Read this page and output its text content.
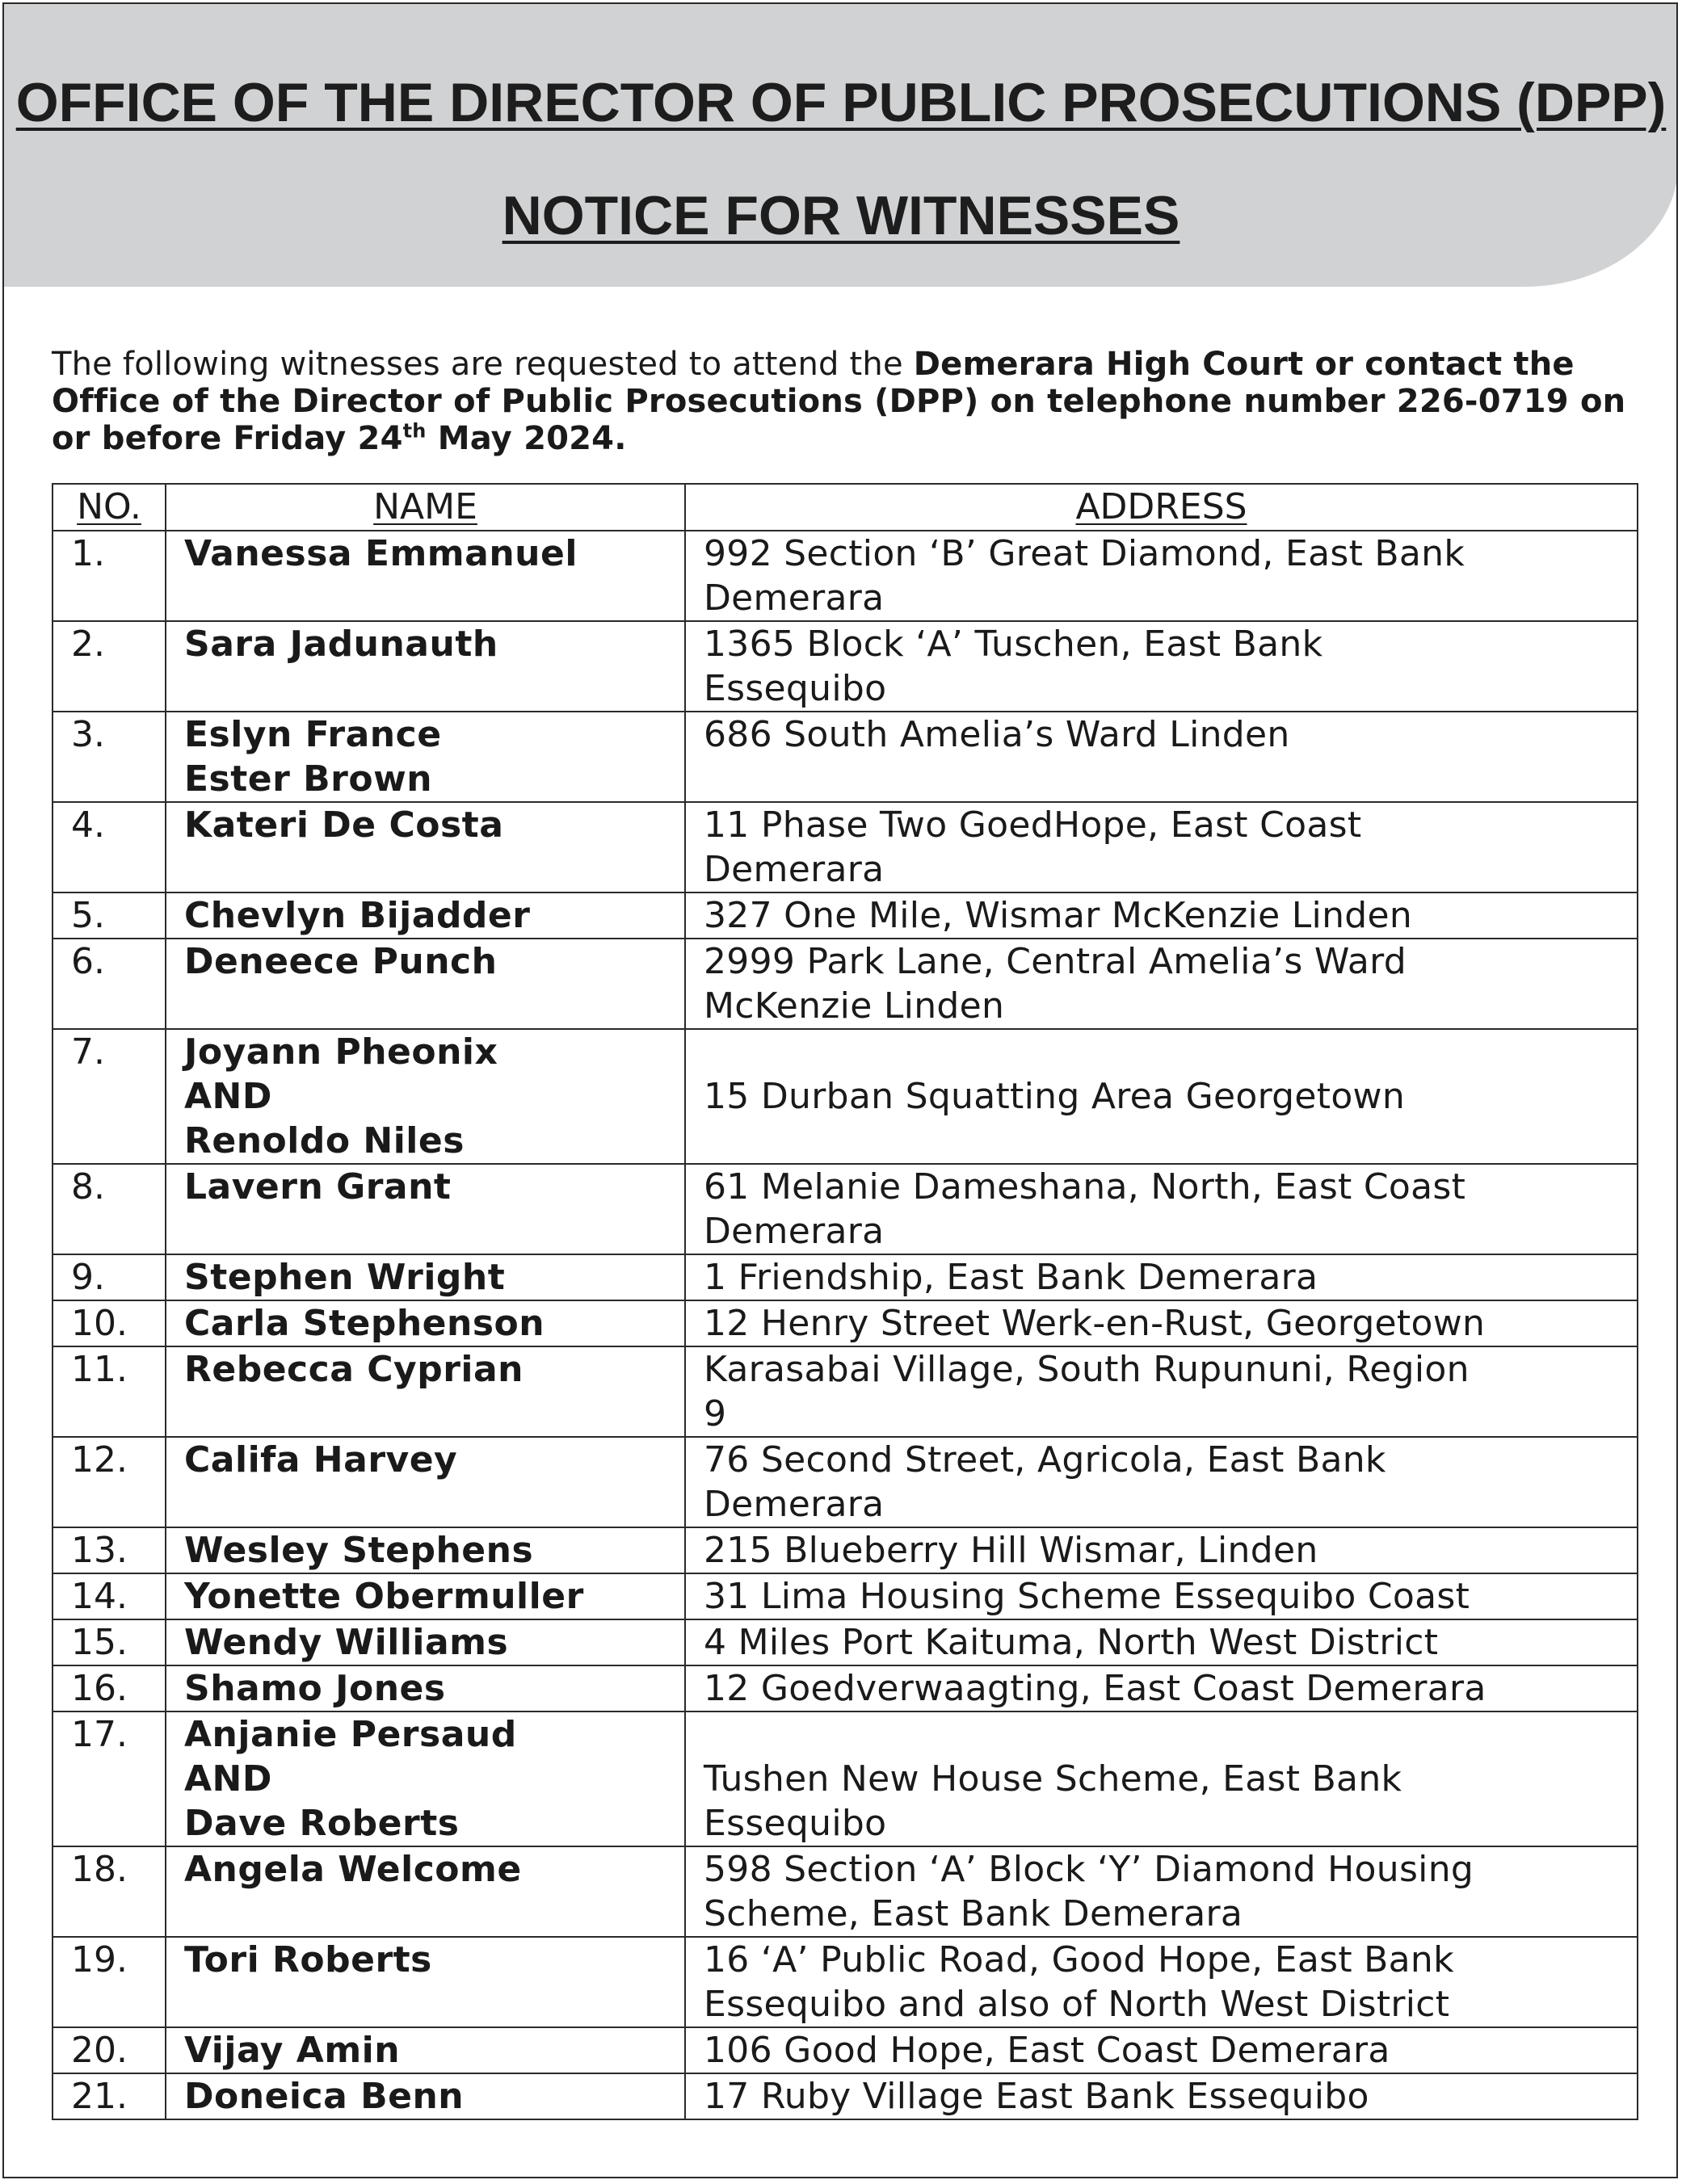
OFFICE OF THE DIRECTOR OF PUBLIC PROSECUTIONS (DPP)
NOTICE FOR WITNESSES
The following witnesses are requested to attend the Demerara High Court or contact the Office of the Director of Public Prosecutions (DPP) on telephone number 226-0719 on or before Friday 24th May 2024.
NO.	NAME	ADDRESS
1.	Vanessa Emmanuel	992 Section ‘B’ Great Diamond, East Bank
Demerara

2.	Sara Jadunauth	1365 Block ‘A’ Tuschen, East Bank
Essequibo

3.	Eslyn France
Ester Brown	686 South Amelia’s Ward Linden

4.	Kateri De Costa	11 Phase Two GoedHope, East Coast
Demerara

5.	Chevlyn Bijadder	327 One Mile, Wismar McKenzie Linden

6.	Deneece Punch	2999 Park Lane, Central Amelia’s Ward
McKenzie Linden

7.	Joyann Pheonix
AND
Renoldo Niles	15 Durban Squatting Area Georgetown

8.	Lavern Grant	61 Melanie Dameshana, North, East Coast
Demerara

9.	Stephen Wright	1 Friendship, East Bank Demerara

10.	Carla Stephenson	12 Henry Street Werk-en-Rust, Georgetown

11.	Rebecca Cyprian	Karasabai Village, South Rupununi, Region
9

12.	Califa Harvey	76 Second Street, Agricola, East Bank
Demerara

13.	Wesley Stephens	215 Blueberry Hill Wismar, Linden

14.	Yonette Obermuller	31 Lima Housing Scheme Essequibo Coast

15.	Wendy Williams	4 Miles Port Kaituma, North West District

16.	Shamo Jones	12 Goedverwaagting, East Coast Demerara

17.	Anjanie Persaud
AND
Dave Roberts	Tushen New House Scheme, East Bank
Essequibo

18.	Angela Welcome	598 Section ‘A’ Block ‘Y’ Diamond Housing
Scheme, East Bank Demerara

19.	Tori Roberts	16 ‘A’ Public Road, Good Hope, East Bank
Essequibo and also of North West District

20.	Vijay Amin	106 Good Hope, East Coast Demerara

21.	Doneica Benn	17 Ruby Village East Bank Essequibo
